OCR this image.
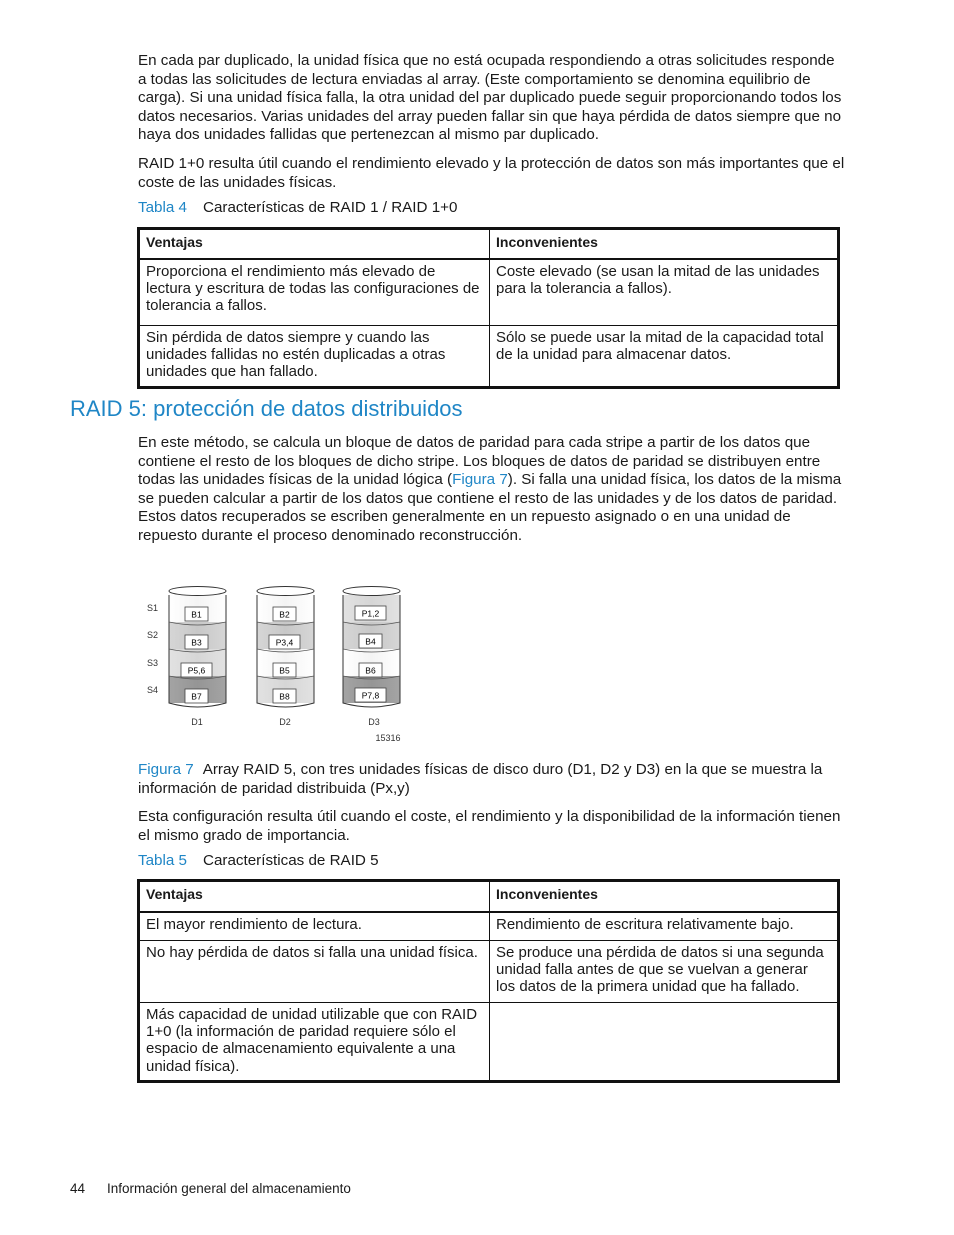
En cada par duplicado, la unidad física que no está ocupada respondiendo a otras solicitudes responde a todas las solicitudes de lectura enviadas al array. (Este comportamiento se denomina equilibrio de carga). Si una unidad física falla, la otra unidad del par duplicado puede seguir proporcionando todos los datos necesarios. Varias unidades del array pueden fallar sin que haya pérdida de datos siempre que no haya dos unidades fallidas que pertenezcan al mismo par duplicado.

RAID 1+0 resulta útil cuando el rendimiento elevado y la protección de datos son más importantes que el coste de las unidades físicas.

Tabla 4 Características de RAID 1 / RAID 1+0

Ventajas	Inconvenientes
Proporciona el rendimiento más elevado de lectura y escritura de todas las configuraciones de tolerancia a fallos.	Coste elevado (se usan la mitad de las unidades para la tolerancia a fallos).
Sin pérdida de datos siempre y cuando las unidades fallidas no estén duplicadas a otras unidades que han fallado.	Sólo se puede usar la mitad de la capacidad total de la unidad para almacenar datos.
RAID 5: protección de datos distribuidos

En este método, se calcula un bloque de datos de paridad para cada stripe a partir de los datos que contiene el resto de los bloques de dicho stripe. Los bloques de datos de paridad se distribuyen entre todas las unidades físicas de la unidad lógica (Figura 7). Si falla una unidad física, los datos de la misma se pueden calcular a partir de los datos que contiene el resto de las unidades y de los datos de paridad. Estos datos recuperados se escriben generalmente en un repuesto asignado o en una unidad de repuesto durante el proceso denominado reconstrucción.

S1
S2
S3
S4
B1
B3
P5,6
B7
B2
P3,4
B5
B8
P1,2
B4
B6
P7,8
D1	D2	D3
15316

Figura 7 Array RAID 5, con tres unidades físicas de disco duro (D1, D2 y D3) en la que se muestra la información de paridad distribuida (Px,y)

Esta configuración resulta útil cuando el coste, el rendimiento y la disponibilidad de la información tienen el mismo grado de importancia.

Tabla 5 Características de RAID 5

Ventajas	Inconvenientes
El mayor rendimiento de lectura.	Rendimiento de escritura relativamente bajo.
No hay pérdida de datos si falla una unidad física.	Se produce una pérdida de datos si una segunda unidad falla antes de que se vuelvan a generar los datos de la primera unidad que ha fallado.
Más capacidad de unidad utilizable que con RAID 1+0 (la información de paridad requiere sólo el espacio de almacenamiento equivalente a una unidad física).	
44 Información general del almacenamiento
